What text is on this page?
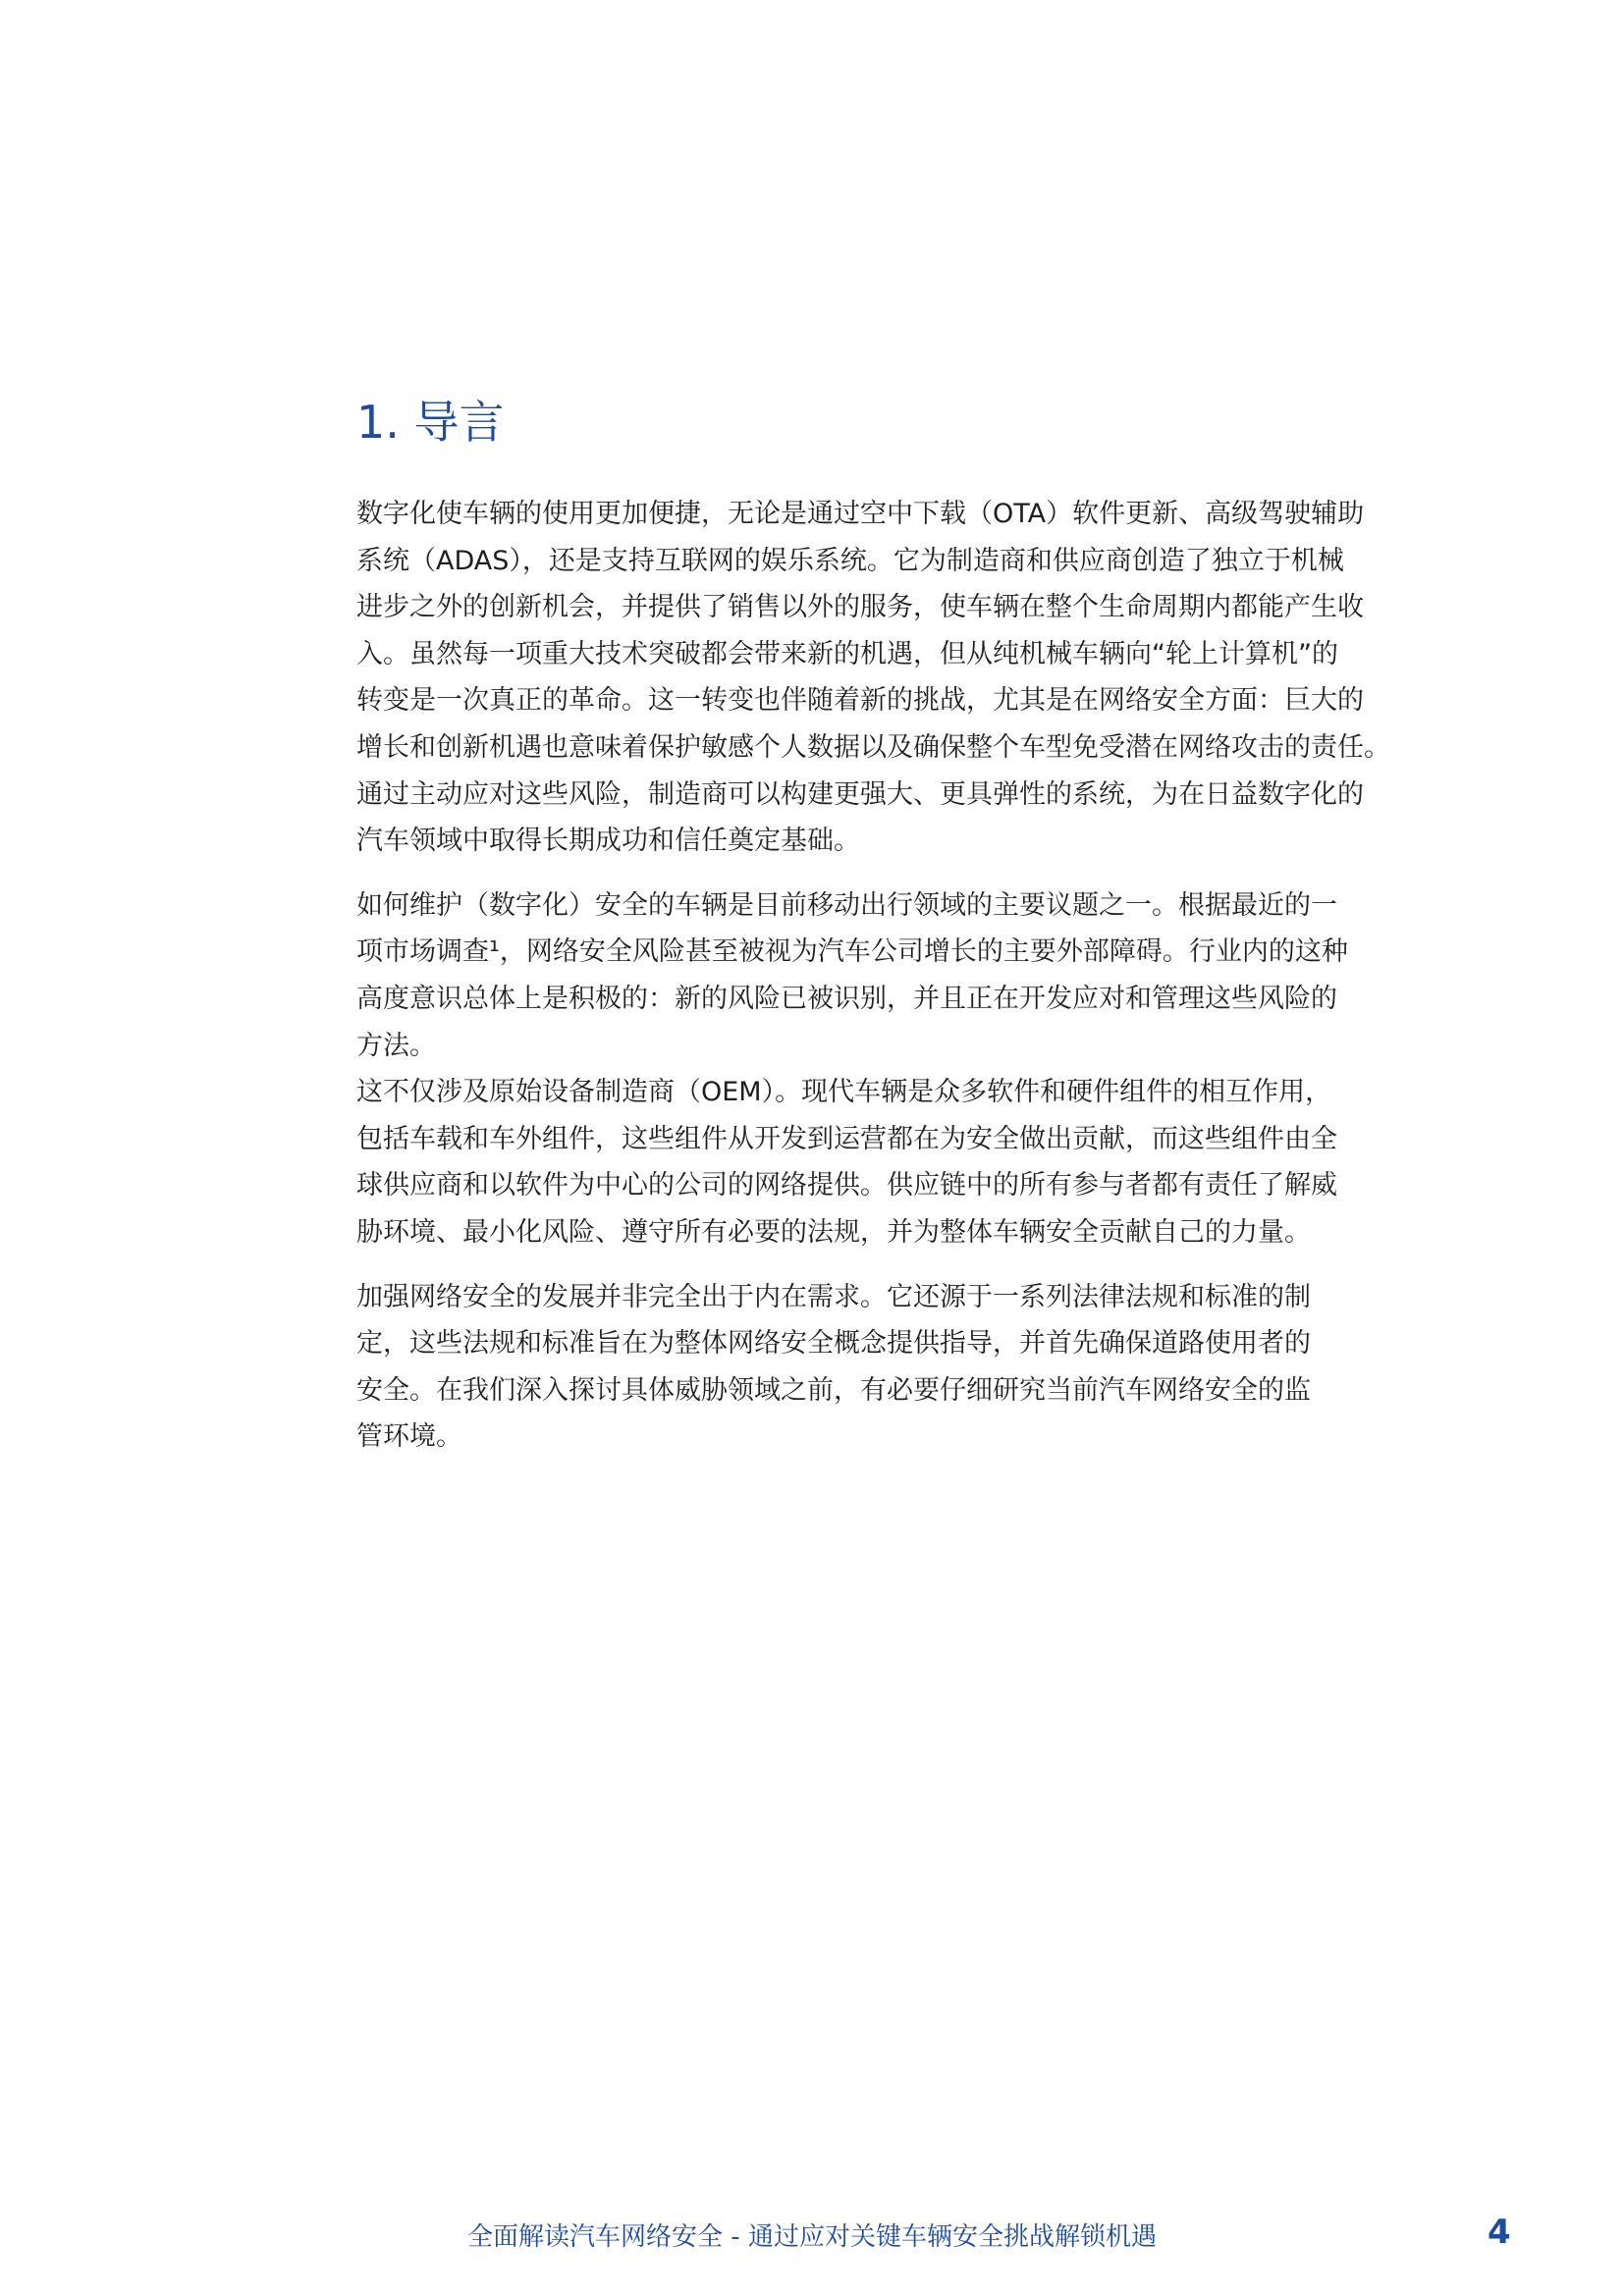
1. 导言

数字化使车辆的使用更加便捷，无论是通过空中下载（OTA）软件更新、高级驾驶辅助
系统（ADAS），还是支持互联网的娱乐系统。它为制造商和供应商创造了独立于机械
进步之外的创新机会，并提供了销售以外的服务，使车辆在整个生命周期内都能产生收
入。虽然每一项重大技术突破都会带来新的机遇，但从纯机械车辆向“轮上计算机”的
转变是一次真正的革命。这一转变也伴随着新的挑战，尤其是在网络安全方面：巨大的
增长和创新机遇也意味着保护敏感个人数据以及确保整个车型免受潜在网络攻击的责任。
通过主动应对这些风险，制造商可以构建更强大、更具弹性的系统，为在日益数字化的
汽车领域中取得长期成功和信任奠定基础。

如何维护（数字化）安全的车辆是目前移动出行领域的主要议题之一。根据最近的一
项市场调查¹，网络安全风险甚至被视为汽车公司增长的主要外部障碍。行业内的这种
高度意识总体上是积极的：新的风险已被识别，并且正在开发应对和管理这些风险的
方法。

这不仅涉及原始设备制造商（OEM）。现代车辆是众多软件和硬件组件的相互作用，
包括车载和车外组件，这些组件从开发到运营都在为安全做出贡献，而这些组件由全
球供应商和以软件为中心的公司的网络提供。供应链中的所有参与者都有责任了解威
胁环境、最小化风险、遵守所有必要的法规，并为整体车辆安全贡献自己的力量。

加强网络安全的发展并非完全出于内在需求。它还源于一系列法律法规和标准的制
定，这些法规和标准旨在为整体网络安全概念提供指导，并首先确保道路使用者的
安全。在我们深入探讨具体威胁领域之前，有必要仔细研究当前汽车网络安全的监
管环境。

全面解读汽车网络安全 - 通过应对关键车辆安全挑战解锁机遇	4
